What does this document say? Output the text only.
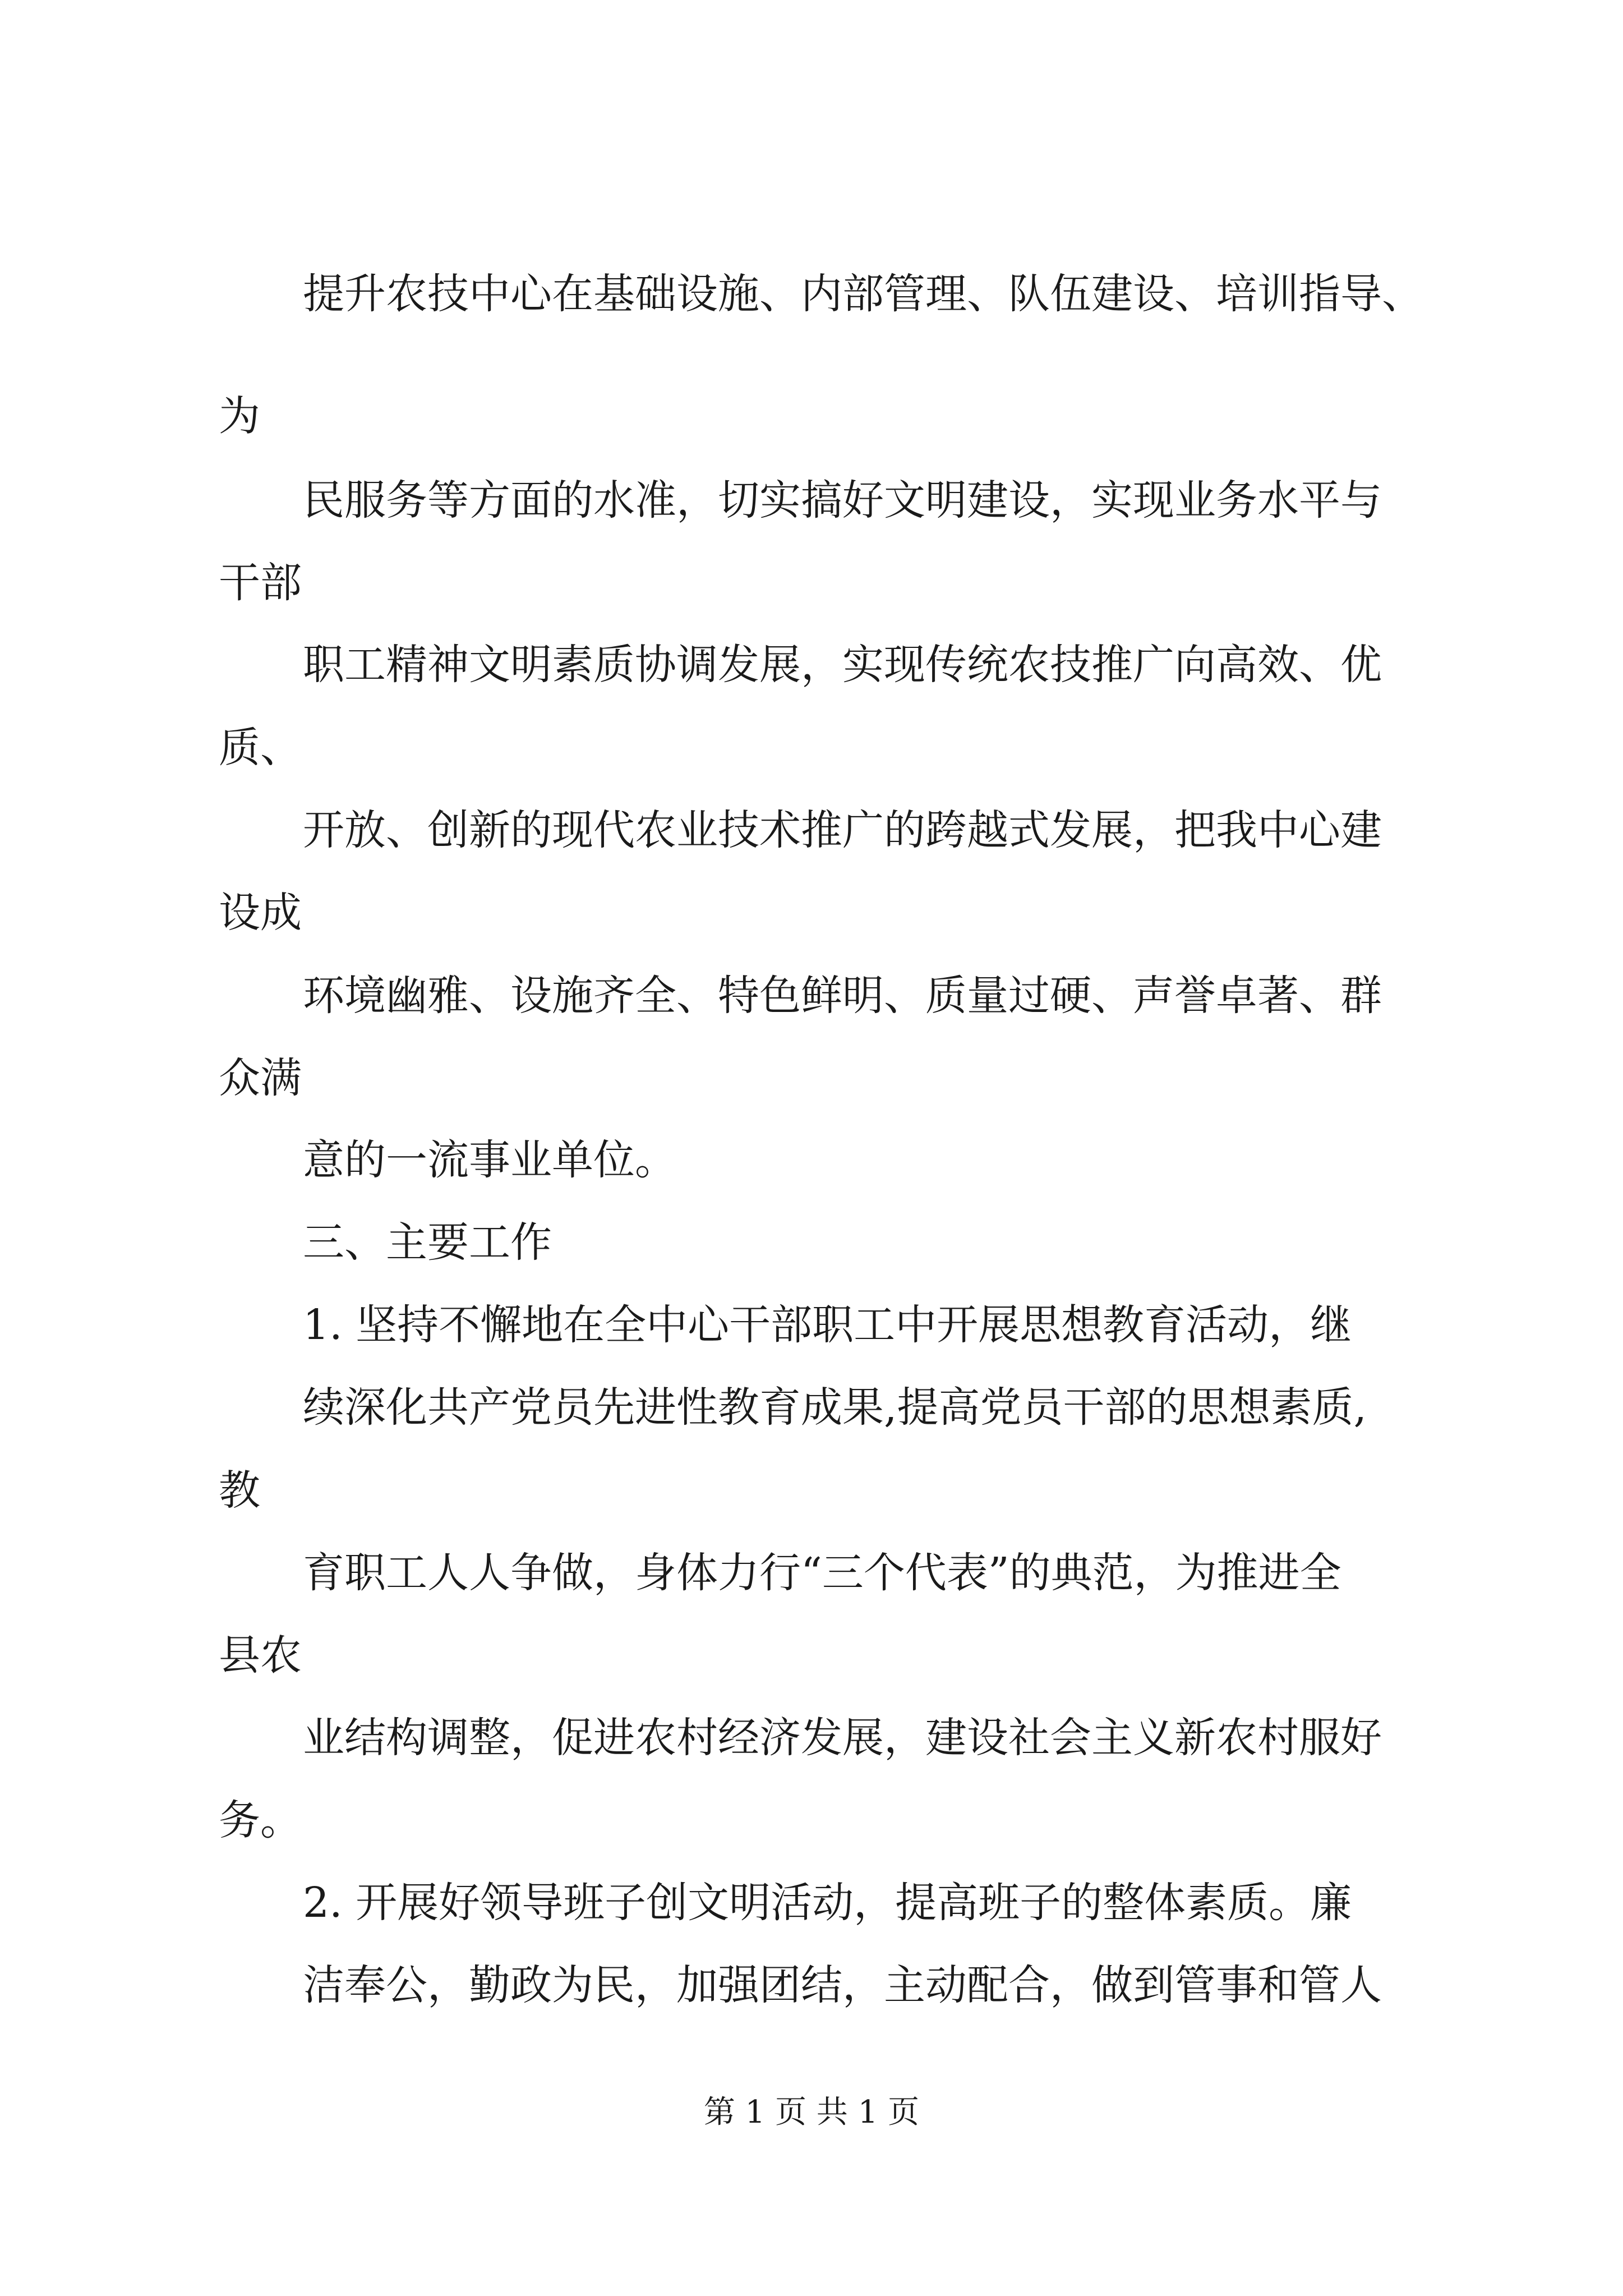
提升农技中心在基础设施、内部管理、队伍建设、培训指导、
为
民服务等方面的水准，切实搞好文明建设，实现业务水平与
干部
职工精神文明素质协调发展，实现传统农技推广向高效、优
质、
开放、创新的现代农业技术推广的跨越式发展，把我中心建
设成
环境幽雅、设施齐全、特色鲜明、质量过硬、声誉卓著、群
众满
意的一流事业单位。
三、主要工作
1. 坚持不懈地在全中心干部职工中开展思想教育活动，继
续深化共产党员先进性教育成果,提高党员干部的思想素质,
教
育职工人人争做，身体力行“三个代表”的典范，为推进全
县农
业结构调整，促进农村经济发展，建设社会主义新农村服好
务。
2. 开展好领导班子创文明活动，提高班子的整体素质。廉
洁奉公，勤政为民，加强团结，主动配合，做到管事和管人
第 1 页 共 1 页
